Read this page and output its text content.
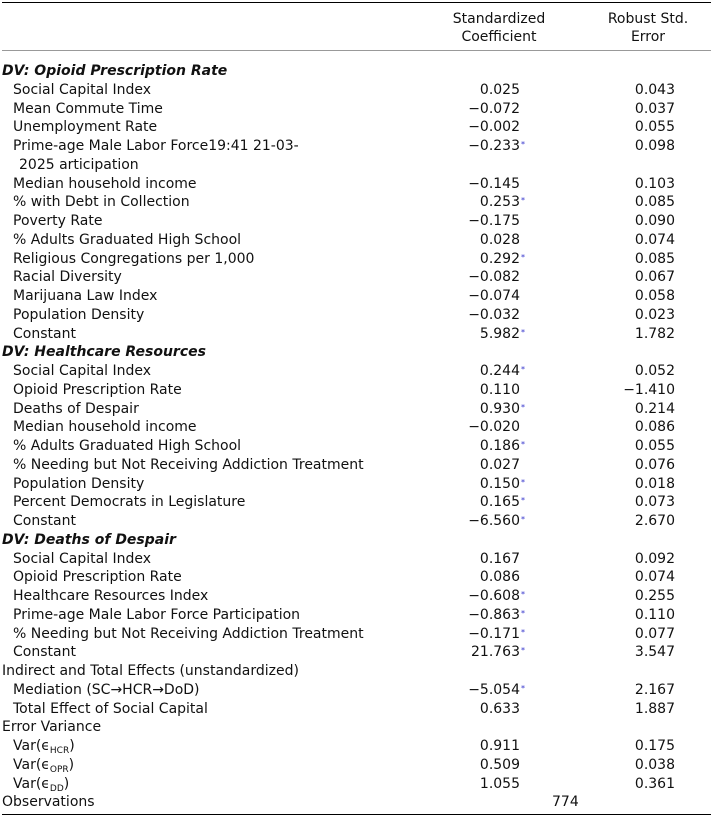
Standardized
Coefficient
Robust Std.
Error
DV: Opioid Prescription Rate
Social Capital Index	0.025	0.043
Mean Commute Time	−0.072	0.037
Unemployment Rate	−0.002	0.055
Prime-age Male Labor Force19:41 21-03-
2025 articipation
−0.233*	0.098
Median household income	−0.145	0.103
% with Debt in Collection	0.253*	0.085
Poverty Rate	−0.175	0.090
% Adults Graduated High School	0.028	0.074
Religious Congregations per 1,000	0.292*	0.085
Racial Diversity	−0.082	0.067
Marijuana Law Index	−0.074	0.058
Population Density	−0.032	0.023
Constant	5.982*	1.782
DV: Healthcare Resources
Social Capital Index	0.244*	0.052
Opioid Prescription Rate	0.110	−1.410
Deaths of Despair	0.930*	0.214
Median household income	−0.020	0.086
% Adults Graduated High School	0.186*	0.055
% Needing but Not Receiving Addiction Treatment	0.027	0.076
Population Density	0.150*	0.018
Percent Democrats in Legislature	0.165*	0.073
Constant	−6.560*	2.670
DV: Deaths of Despair
Social Capital Index	0.167	0.092
Opioid Prescription Rate	0.086	0.074
Healthcare Resources Index	−0.608*	0.255
Prime-age Male Labor Force Participation	−0.863*	0.110
% Needing but Not Receiving Addiction Treatment	−0.171*	0.077
Constant	21.763*	3.547
Indirect and Total Effects (unstandardized)
Mediation (SC→HCR→DoD)	−5.054*	2.167
Total Effect of Social Capital	0.633	1.887
Error Variance
$Var(\epsilon_{HCR})$	0.911	0.175
$Var(\epsilon_{OPR})$	0.509	0.038
$Var(\epsilon_{DD})$	1.055	0.361
Observations	774
